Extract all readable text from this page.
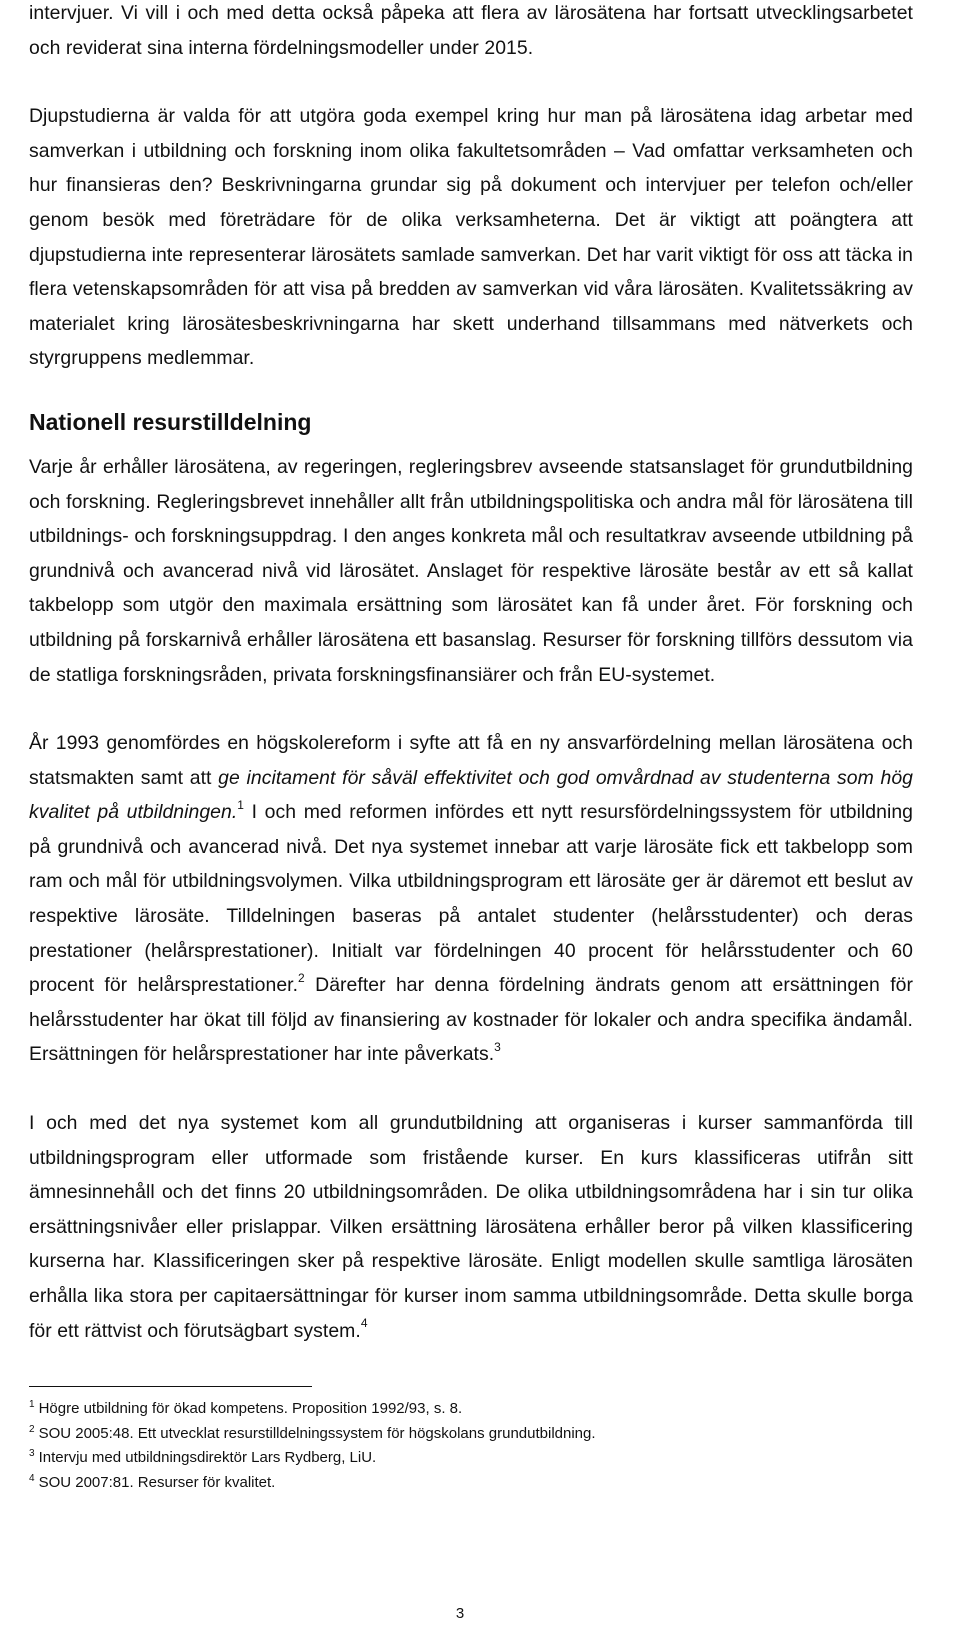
intervjuer. Vi vill i och med detta också påpeka att flera av lärosätena har fortsatt utvecklingsarbetet och reviderat sina interna fördelningsmodeller under 2015.

Djupstudierna är valda för att utgöra goda exempel kring hur man på lärosätena idag arbetar med samverkan i utbildning och forskning inom olika fakultetsområden – Vad omfattar verksamheten och hur finansieras den? Beskrivningarna grundar sig på dokument och intervjuer per telefon och/eller genom besök med företrädare för de olika verksamheterna. Det är viktigt att poängtera att djupstudierna inte representerar lärosätets samlade samverkan. Det har varit viktigt för oss att täcka in flera vetenskapsområden för att visa på bredden av samverkan vid våra lärosäten. Kvalitetssäkring av materialet kring lärosätesbeskrivningarna har skett underhand tillsammans med nätverkets och styrgruppens medlemmar.

Nationell resurstilldelning

Varje år erhåller lärosätena, av regeringen, regleringsbrev avseende statsanslaget för grundutbildning och forskning. Regleringsbrevet innehåller allt från utbildningspolitiska och andra mål för lärosätena till utbildnings- och forskningsuppdrag. I den anges konkreta mål och resultatkrav avseende utbildning på grundnivå och avancerad nivå vid lärosätet. Anslaget för respektive lärosäte består av ett så kallat takbelopp som utgör den maximala ersättning som lärosätet kan få under året. För forskning och utbildning på forskarnivå erhåller lärosätena ett basanslag. Resurser för forskning tillförs dessutom via de statliga forskningsråden, privata forskningsfinansiärer och från EU-systemet.

År 1993 genomfördes en högskolereform i syfte att få en ny ansvarfördelning mellan lärosätena och statsmakten samt att ge incitament för såväl effektivitet och god omvårdnad av studenterna som hög kvalitet på utbildningen.$^1$ I och med reformen infördes ett nytt resursfördelningssystem för utbildning på grundnivå och avancerad nivå. Det nya systemet innebar att varje lärosäte fick ett takbelopp som ram och mål för utbildningsvolymen. Vilka utbildningsprogram ett lärosäte ger är däremot ett beslut av respektive lärosäte. Tilldelningen baseras på antalet studenter (helårsstudenter) och deras prestationer (helårsprestationer). Initialt var fördelningen 40 procent för helårsstudenter och 60 procent för helårsprestationer.$^2$ Därefter har denna fördelning ändrats genom att ersättningen för helårsstudenter har ökat till följd av finansiering av kostnader för lokaler och andra specifika ändamål. Ersättningen för helårsprestationer har inte påverkats.$^3$

I och med det nya systemet kom all grundutbildning att organiseras i kurser sammanförda till utbildningsprogram eller utformade som fristående kurser. En kurs klassificeras utifrån sitt ämnesinnehåll och det finns 20 utbildningsområden. De olika utbildningsområdena har i sin tur olika ersättningsnivåer eller prislappar. Vilken ersättning lärosätena erhåller beror på vilken klassificering kurserna har. Klassificeringen sker på respektive lärosäte. Enligt modellen skulle samtliga lärosäten erhålla lika stora per capitaersättningar för kurser inom samma utbildningsområde. Detta skulle borga för ett rättvist och förutsägbart system.$^4$

$^1$ Högre utbildning för ökad kompetens. Proposition 1992/93, s. 8.
$^2$ SOU 2005:48. Ett utvecklat resurstilldelningssystem för högskolans grundutbildning.
$^3$ Intervju med utbildningsdirektör Lars Rydberg, LiU.
$^4$ SOU 2007:81. Resurser för kvalitet.
3
